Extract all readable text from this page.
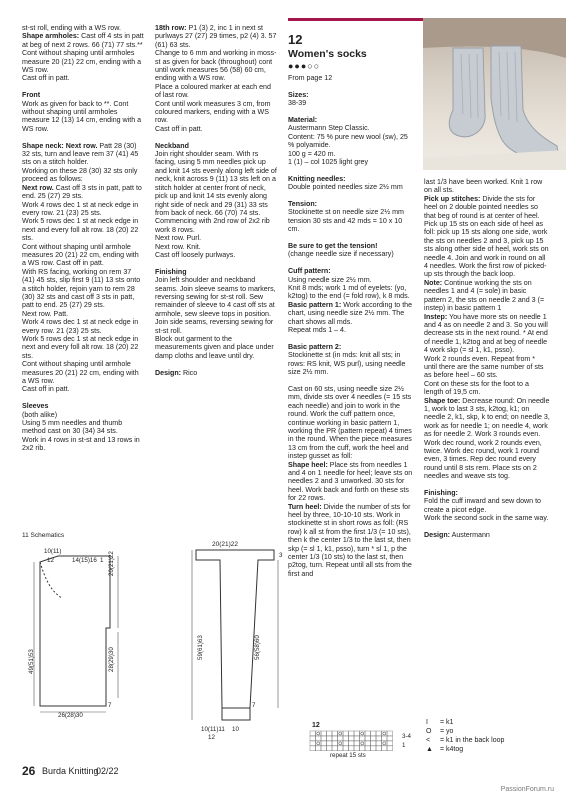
st-st roll, ending with a WS row.

Shape armholes: Cast off 4 sts in patt at beg of next 2 rows. 66 (71) 77 sts.**

Cont without shaping until armholes measure 20 (21) 22 cm, ending with a WS row.

Cast off in patt.

Front

Work as given for back to **. Cont without shaping until armholes measure 12 (13) 14 cm, ending with a WS row.

Shape neck: Next row. Patt 28 (30) 32 sts, turn and leave rem 37 (41) 45 sts on a stitch holder.

Working on these 28 (30) 32 sts only proceed as follows:

Next row. Cast off 3 sts in patt, patt to end. 25 (27) 29 sts.

Work 4 rows dec 1 st at neck edge in every row. 21 (23) 25 sts.

Work 5 rows dec 1 st at neck edge in next and every foll alt row. 18 (20) 22 sts.

Cont without shaping until armhole measures 20 (21) 22 cm, ending with a WS row. Cast off in patt.

With RS facing, working on rem 37 (41) 45 sts, slip first 9 (11) 13 sts onto a stitch holder, rejoin yarn to rem 28 (30) 32 sts and cast off 3 sts in patt, patt to end. 25 (27) 29 sts.

Next row. Patt.

Work 4 rows dec 1 st at neck edge in every row. 21 (23) 25 sts.

Work 5 rows dec 1 st at neck edge in next and every foll alt row. 18 (20) 22 sts.

Cont without shaping until armhole measures 20 (21) 22 cm, ending with a WS row.

Cast off in patt.

Sleeves

(both alike)

Using 5 mm needles and thumb method cast on 30 (34) 34 sts.

Work in 4 rows in st-st and 13 rows in 2x2 rib.

18th row: P1 (3) 2, inc 1 in next st purlways 27 (27) 29 times, p2 (4) 3. 57 (61) 63 sts.

Change to 6 mm and working in moss-st as given for back (throughout) cont until work measures 56 (58) 60 cm, ending with a WS row.

Place a coloured marker at each end of last row.

Cont until work measures 3 cm, from coloured markers, ending with a WS row.

Cast off in patt.

Neckband

Join right shoulder seam. With rs facing, using 5 mm needles pick up and knit 14 sts evenly along left side of neck, knit across 9 (11) 13 sts left on a stitch holder at center front of neck, pick up and knit 14 sts evenly along right side of neck and 29 (31) 33 sts from back of neck. 66 (70) 74 sts.

Commencing with 2nd row of 2x2 rib work 8 rows.

Next row. Purl.

Next row. Knit.

Cast off loosely purlways.

Finishing

Join left shoulder and neckband seams. Join sleeve seams to markers, reversing sewing for st-st roll. Sew remainder of sleeve to 4 cast off sts at armhole, sew sleeve tops in position.

Join side seams, reversing sewing for st-st roll.

Block out garment to the measurements given and place under damp cloths and leave until dry.

Design: Rico

12
Women's socks
●●●○○

From page 12

Sizes:

38-39

Material:

Austermann Step Classic.

Content: 75 % pure new wool (sw), 25 % polyamide.

100 g = 420 m.

1 (1) – col 1025 light grey

Knitting needles:

Double pointed needles size 2½ mm

Tension:

Stockinette st on needle size 2½ mm tension 30 sts and 42 mds = 10 x 10 cm.

Be sure to get the tension!

(change needle size if necessary)

Cuff pattern:

Using needle size 2½ mm.

Knit 8 mds; work 1 md of eyelets: (yo, k2tog) to the end (= fold row), k 8 mds.

Basic pattern 1: Work according to the chart, using needle size 2½ mm. The chart shows all mds.

Repeat mds 1 – 4.

Basic pattern 2:

Stockinette st (in mds: knit all sts; in rows: RS knit, WS purl), using needle size 2½ mm.

Cast on 60 sts, using needle size 2½ mm, divide sts over 4 needles (= 15 sts each needle) and join to work in the round. Work the cuff pattern once, continue working in basic pattern 1, working the PR (pattern repeat) 4 times in the round. When the piece measures 13 cm from the cuff, work the heel and instep gusset as foll:

Shape heel: Place sts from needles 1 and 4 on 1 needle for heel; leave sts on needles 2 and 3 unworked. 30 sts for heel. Work back and forth on these sts for 22 rows.

Turn heel: Divide the number of sts for heel by three, 10-10-10 sts. Work in stockinette st in short rows as foll: (RS row) k all st from the first 1/3 (= 10 sts), then k the center 1/3 to the last st, then skp (= sl 1, k1, psso), turn * sl 1, p the center 1/3 (10 sts) to the last st, then p2tog, turn. Repeat until all sts from the first and

last 1/3 have been worked. Knit 1 row on all sts.

Pick up stitches: Divide the sts for heel on 2 double pointed needles so that beg of round is at center of heel. Pick up 15 sts on each side of heel as foll: pick up 15 sts along one side, work the sts on needles 2 and 3, pick up 15 sts along other side of heel, work sts on needle 4. Join and work in round on all 4 needles. Work the first row of picked-up sts through the back loop.

Note: Continue working the sts on needles 1 and 4 (= sole) in basic pattern 2, the sts on needle 2 and 3 (= instep) in basic pattern 1

Instep: You have more sts on needle 1 and 4 as on needle 2 and 3. So you will decrease sts in the next round. * At end of needle 1, k2tog and at beg of needle 4 work skp (= sl 1, k1, psso).

Work 2 rounds even. Repeat from * until there are the same number of sts as before heel – 60 sts.

Cont on these sts for the foot to a length of 19,5 cm.

Shape toe: Decrease round: On needle 1, work to last 3 sts, k2tog, k1; on needle 2, k1, skp, k to end; on needle 3, work as for needle 1; on needle 4, work as for needle 2. Work 3 rounds even. Work dec round, work 2 rounds even, twice. Work dec round, work 1 round even, 3 times. Rep dec round every round until 8 sts rem. Place sts on 2 needles and weave sts tog.

Finishing:

Fold the cuff inward and sew down to create a picot edge.

Work the second sock in the same way.

Design: Austermann

11 Schematics
10(11)
12	14(15)16 1 20(21)22
28(29)30
49(51)53
7
26(28)30
20(21)22
59(61)63	56(58)60
3
7
10(11)11 10
12
12
3-4
1
repeat 15 sts
I	= k1
O	= yo
<	= k1 in the back loop
▲	= k4tog
26 Burda Knitting
02/22
PassionForum.ru
